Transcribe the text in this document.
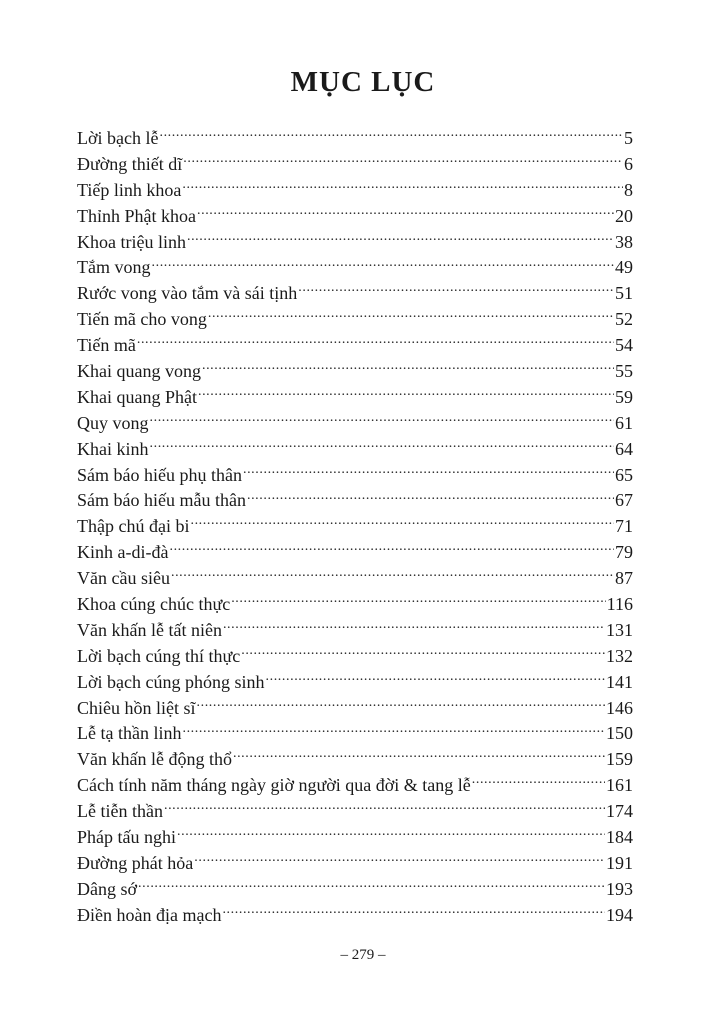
MỤC LỤC
Lời bạch lễ .....	5
Đường thiết dĩ .....	6
Tiếp linh khoa .....	8
Thỉnh Phật khoa .....	20
Khoa triệu linh .....	38
Tắm vong .....	49
Rước vong vào tắm và sái tịnh .....	51
Tiến mã cho vong .....	52
Tiến mã .....	54
Khai quang vong .....	55
Khai quang Phật .....	59
Quy vong .....	61
Khai kinh .....	64
Sám báo hiếu phụ thân .....	65
Sám báo hiếu mẫu thân .....	67
Thập chú đại bi .....	71
Kinh a-di-đà .....	79
Văn cầu siêu .....	87
Khoa cúng chúc thực .....	116
Văn khấn lễ tất niên .....	131
Lời bạch cúng thí thực .....	132
Lời bạch cúng phóng sinh .....	141
Chiêu hồn liệt sĩ .....	146
Lễ tạ thần linh .....	150
Văn khấn lễ động thổ .....	159
Cách tính năm tháng ngày giờ người qua đời & tang lễ .....	161
Lễ tiễn thần .....	174
Pháp tấu nghi .....	184
Đường phát hỏa .....	191
Dâng sớ .....	193
Điền hoàn địa mạch .....	194

– 279 –
